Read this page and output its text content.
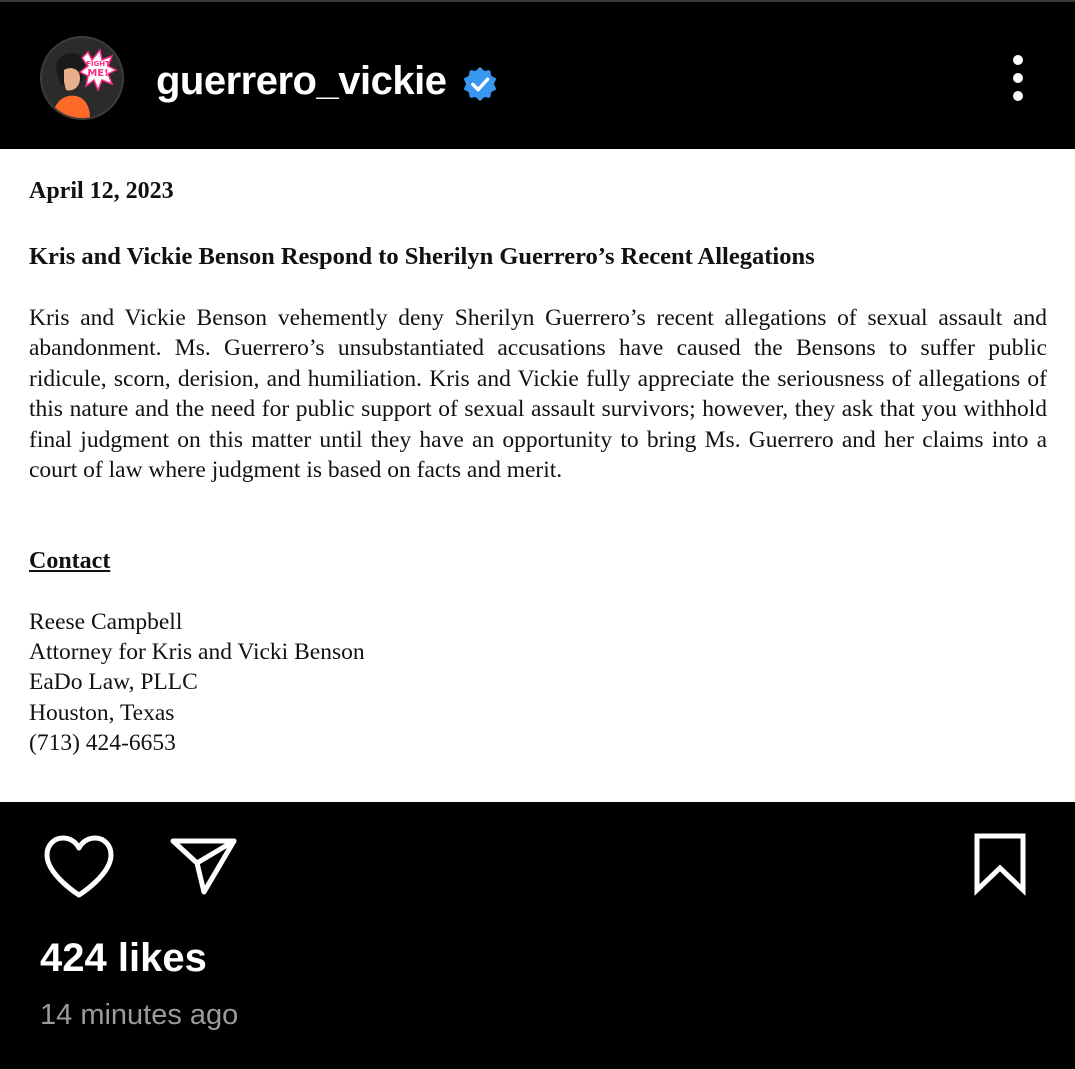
FIGHT
ME! guerrero_vickie
April 12, 2023
Kris and Vickie Benson Respond to Sherilyn Guerrero’s Recent Allegations
Kris and Vickie Benson vehemently deny Sherilyn Guerrero’s recent allegations of sexual assault and abandonment. Ms. Guerrero’s unsubstantiated accusations have caused the Bensons to suffer public ridicule, scorn, derision, and humiliation. Kris and Vickie fully appreciate the seriousness of allegations of this nature and the need for public support of sexual assault survivors; however, they ask that you withhold final judgment on this matter until they have an opportunity to bring Ms. Guerrero and her claims into a court of law where judgment is based on facts and merit.
Contact
Reese Campbell
Attorney for Kris and Vicki Benson
EaDo Law, PLLC
Houston, Texas
(713) 424-6653
424 likes
14 minutes ago
